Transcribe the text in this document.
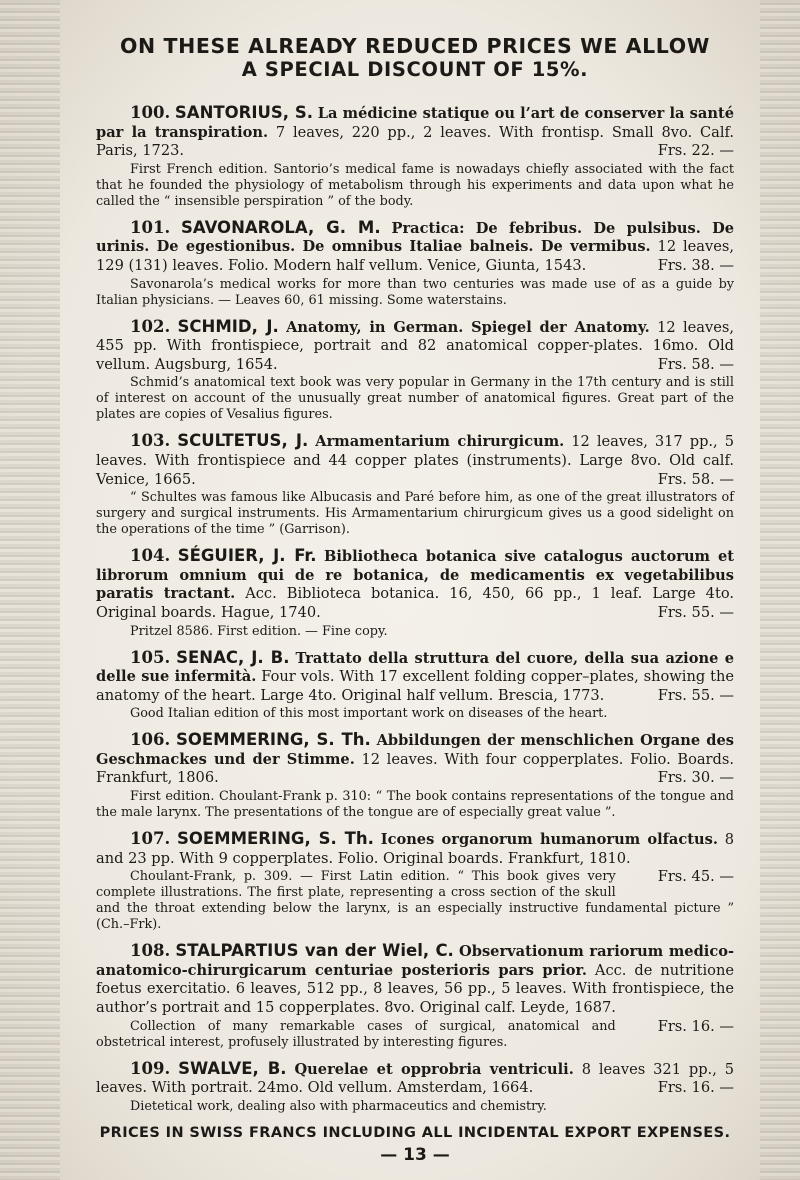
ON THESE ALREADY REDUCED PRICES WE ALLOW
A SPECIAL DISCOUNT OF 15%.

100. SANTORIUS, S. La médicine statique ou l’art de conserver la santé par la transpiration. 7 leaves, 220 pp., 2 leaves. With frontisp. Small 8vo. Calf. Paris, 1723.	Frs. 22. —

First French edition. Santorio’s medical fame is nowadays chiefly associated with the fact that he founded the physiology of metabolism through his experiments and data upon what he called the “ insensible perspiration ” of the body.

101. SAVONAROLA, G. M. Practica: De febribus. De pulsibus. De urinis. De egestionibus. De omnibus Italiae balneis. De vermibus. 12 leaves, 129 (131) leaves. Folio. Modern half vellum. Venice, Giunta, 1543.	Frs. 38. —

Savonarola’s medical works for more than two centuries was made use of as a guide by Italian physicians. — Leaves 60, 61 missing. Some waterstains.

102. SCHMID, J. Anatomy, in German. Spiegel der Anatomy. 12 leaves, 455 pp. With frontispiece, portrait and 82 anatomical copper-plates. 16mo. Old vellum. Augsburg, 1654.	Frs. 58. —

Schmid’s anatomical text book was very popular in Germany in the 17th century and is still of interest on account of the unusually great number of anatomical figures. Great part of the plates are copies of Vesalius figures.

103. SCULTETUS, J. Armamentarium chirurgicum. 12 leaves, 317 pp., 5 leaves. With frontispiece and 44 copper plates (instruments). Large 8vo. Old calf. Venice, 1665.	Frs. 58. —

“ Schultes was famous like Albucasis and Paré before him, as one of the great illustrators of surgery and surgical instruments. His Armamentarium chirurgicum gives us a good sidelight on the operations of the time ” (Garrison).

104. SÉGUIER, J. Fr. Bibliotheca botanica sive catalogus auctorum et librorum omnium qui de re botanica, de medicamentis ex vegetabilibus paratis tractant. Acc. Biblioteca botanica. 16, 450, 66 pp., 1 leaf. Large 4to. Original boards. Hague, 1740.	Frs. 55. —

Pritzel 8586. First edition. — Fine copy.

105. SENAC, J. B. Trattato della struttura del cuore, della sua azione e delle sue infermità. Four vols. With 17 excellent folding copper–plates, showing the anatomy of the heart. Large 4to. Original half vellum. Brescia, 1773.	Frs. 55. —

Good Italian edition of this most important work on diseases of the heart.

106. SOEMMERING, S. Th. Abbildungen der menschlichen Organe des Geschmackes und der Stimme. 12 leaves. With four copperplates. Folio. Boards. Frankfurt, 1806.	Frs. 30. —

First edition. Choulant-Frank p. 310: “ The book contains representations of the tongue and the male larynx. The presentations of the tongue are of especially great value ”.

107. SOEMMERING, S. Th. Icones organorum humanorum olfactus. 8 and 23 pp. With 9 copperplates. Folio. Original boards. Frankfurt, 1810.
Frs. 45. —

Choulant-Frank, p. 309. — First Latin edition. “ This book gives very complete illustrations. The first plate, representing a cross section of the skull and the throat extending below the larynx, is an especially instructive fundamental picture ” (Ch.–Frk).

108. STALPARTIUS van der Wiel, C. Observationum rariorum medico-anatomico-chirurgicarum centuriae posterioris pars prior. Acc. de nutritione foetus exercitatio. 6 leaves, 512 pp., 8 leaves, 56 pp., 5 leaves. With frontispiece, the author’s portrait and 15 copperplates. 8vo. Original calf. Leyde, 1687.
Frs. 16. —

Collection of many remarkable cases of surgical, anatomical and obstetrical interest, profusely illustrated by interesting figures.

109. SWALVE, B. Querelae et opprobria ventriculi. 8 leaves 321 pp., 5 leaves. With portrait. 24mo. Old vellum. Amsterdam, 1664.	Frs. 16. —

Dietetical work, dealing also with pharmaceutics and chemistry.

PRICES IN SWISS FRANCS INCLUDING ALL INCIDENTAL EXPORT EXPENSES.
— 13 —
